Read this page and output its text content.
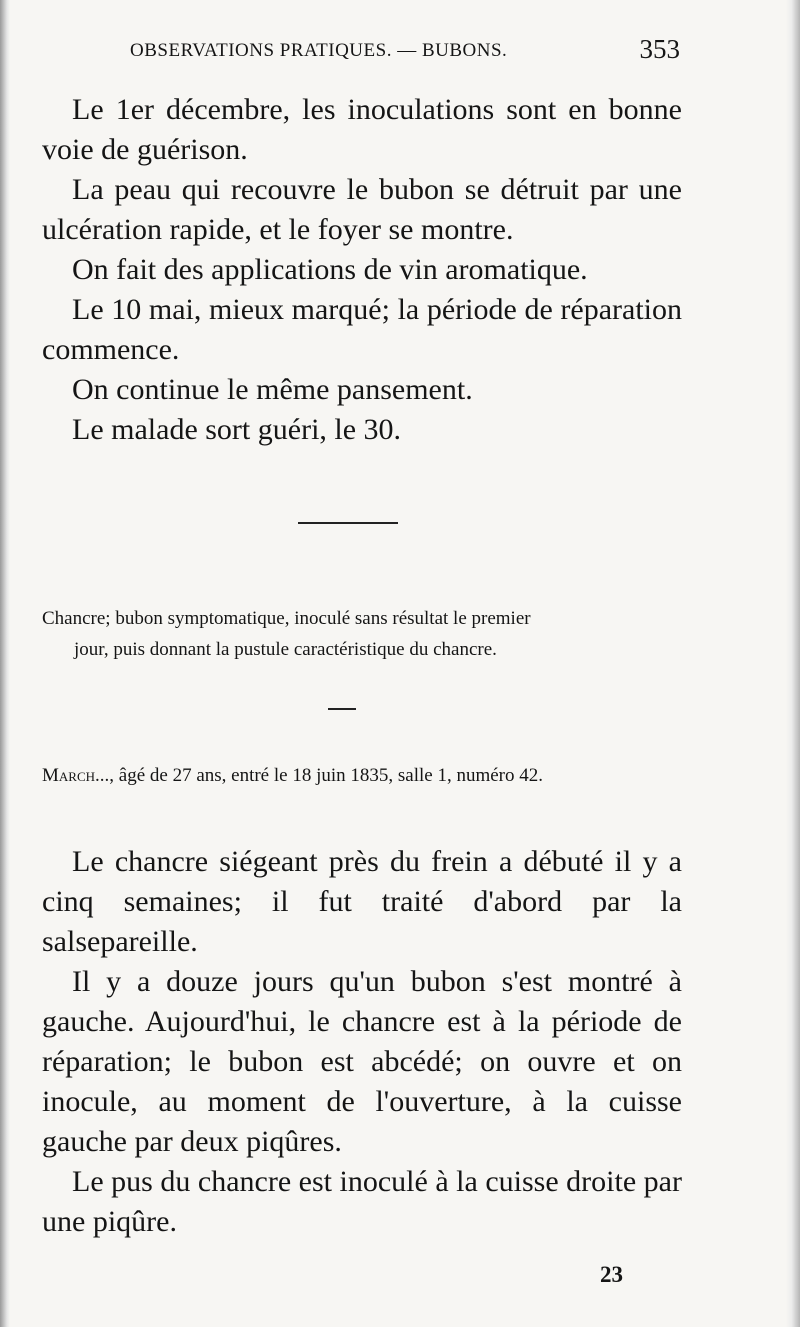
OBSERVATIONS PRATIQUES. — BUBONS.	353

Le 1er décembre, les inoculations sont en bonne voie de guérison.

La peau qui recouvre le bubon se détruit par une ulcération rapide, et le foyer se montre.

On fait des applications de vin aromatique.

Le 10 mai, mieux marqué; la période de réparation commence.

On continue le même pansement.

Le malade sort guéri, le 30.

Chancre; bubon symptomatique, inoculé sans résultat le premier

jour, puis donnant la pustule caractéristique du chancre.

March..., âgé de 27 ans, entré le 18 juin 1835, salle 1, numéro 42.

Le chancre siégeant près du frein a débuté il y a cinq semaines; il fut traité d'abord par la salsepareille.

Il y a douze jours qu'un bubon s'est montré à gauche. Aujourd'hui, le chancre est à la période de réparation; le bubon est abcédé; on ouvre et on inocule, au moment de l'ouverture, à la cuisse gauche par deux piqûres.

Le pus du chancre est inoculé à la cuisse droite par une piqûre.

23
